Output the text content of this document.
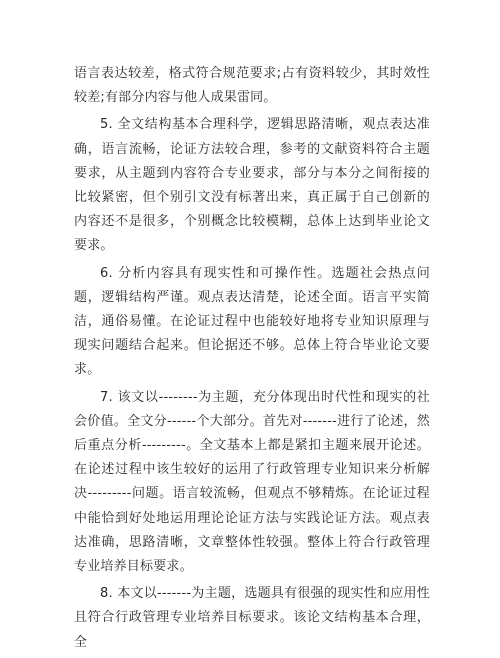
语言表达较差，格式符合规范要求;占有资料较少，其时效性较差;有部分内容与他人成果雷同。

5. 全文结构基本合理科学，逻辑思路清晰，观点表达准确，语言流畅，论证方法较合理，参考的文献资料符合主题要求，从主题到内容符合专业要求，部分与本分之间衔接的比较紧密，但个别引文没有标著出来，真正属于自己创新的内容还不是很多，个别概念比较模糊，总体上达到毕业论文要求。

6. 分析内容具有现实性和可操作性。选题社会热点问题，逻辑结构严谨。观点表达清楚，论述全面。语言平实简洁，通俗易懂。在论证过程中也能较好地将专业知识原理与现实问题结合起来。但论据还不够。总体上符合毕业论文要求。

7. 该文以--------为主题，充分体现出时代性和现实的社会价值。全文分------个大部分。首先对-------进行了论述，然后重点分析---------。全文基本上都是紧扣主题来展开论述。在论述过程中该生较好的运用了行政管理专业知识来分析解决---------问题。语言较流畅，但观点不够精炼。在论证过程中能恰到好处地运用理论论证方法与实践论证方法。观点表达准确，思路清晰，文章整体性较强。整体上符合行政管理专业培养目标要求。

8. 本文以-------为主题，选题具有很强的现实性和应用性且符合行政管理专业培养目标要求。该论文结构基本合理，全
